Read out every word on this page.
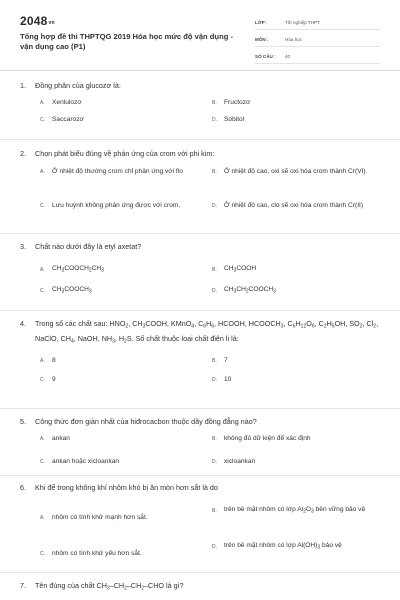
$2048_{vn}$
Tổng hợp đề thi THPTQG 2019 Hóa học mức độ vận dụng - vận dụng cao (P1)
LỚP :	Tốt nghiệp THPT
MÔN :	Hóa học
SỐ CÂU :	40
1.	Đồng phân của glucozơ là:
A.	Xenlulozơ	B.	Fructozơ
C.	Saccarozơ	D.	Sobitol
2.	Chọn phát biểu đúng về phản ứng của crom với phi kim:
A.	Ở nhiệt độ thường crom chỉ phản ứng với flo	B.	Ở nhiệt độ cao, oxi sẽ oxi hóa crom thành Cr(VI).
C.	Lưu huỳnh không phản ứng được với crom.	D.	Ở nhiệt độ cao, clo sẽ oxi hóa crom thành Cr(II)
3.	Chất nào dưới đây là etyl axetat?
A.	$CH_3COOCH_2CH_3$	B.	$CH_3COOH$
C.	$CH_3COOCH_3$	D.	$CH_3CH_2COOCH_3$
4.	Trong số các chất sau: $HNO_2$, $CH_3COOH$, KMnO$_4$, $C_6H_6$, HCOOH, $HCOOCH_3$, $C_6H_{12}O_6$, $C_2H_5OH$, $SO_2$, $Cl_2$, NaClO, $CH_4$, NaOH, $NH_3$, $H_2S$. Số chất thuộc loại chất điện li là:
A.	8	B.	7
C.	9	D.	10
5.	Công thức đơn giản nhất của hiđrocacbon thuộc dãy đồng đẳng nào?
A.	ankan	B.	không đủ dữ kiện để xác định
C.	ankan hoặc xicloankan	D.	xicloankan
6.	Khi để trong không khí nhôm khó bị ăn mòn hơn sắt là do
A.	nhôm có tính khử mạnh hơn sắt.
B.	trên bề mặt nhôm có lớp $Al_2O_3$ bền vững bảo vệ
C.	nhôm có tính khử yếu hơn sắt.
D.	trên bề mặt nhôm có lợp $Al(OH)_3$ bảo vệ
7.	Tên đúng của chất $CH_3-CH_2-CH_2$–CHO là gì?
